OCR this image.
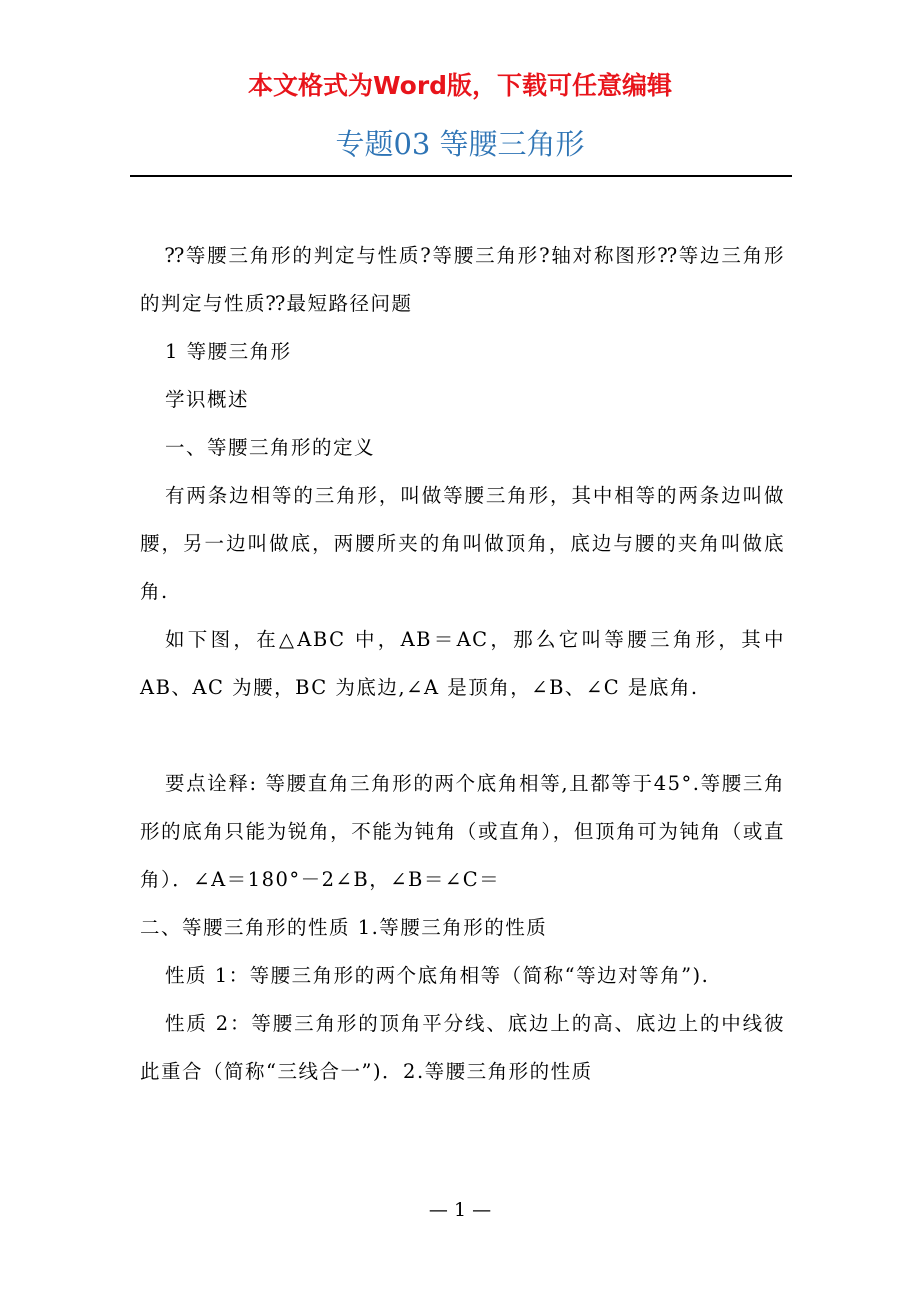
本文格式为Word版，下载可任意编辑
专题03 等腰三角形

⁇等腰三角形的判定与性质?等腰三角形?轴对称图形⁇等边三角形的判定与性质⁇最短路径问题

1 等腰三角形

学识概述

一、等腰三角形的定义

有两条边相等的三角形，叫做等腰三角形，其中相等的两条边叫做腰，另一边叫做底，两腰所夹的角叫做顶角，底边与腰的夹角叫做底角.

如下图，在△ABC 中，AB＝AC，那么它叫等腰三角形，其中 AB、AC 为腰，BC 为底边,∠A 是顶角，∠B、∠C 是底角.

要点诠释: 等腰直角三角形的两个底角相等,且都等于45°.等腰三角形的底角只能为锐角，不能为钝角（或直角），但顶角可为钝角（或直角）．∠A＝180°－2∠B，∠B＝∠C＝

二、等腰三角形的性质 1.等腰三角形的性质

性质 1：等腰三角形的两个底角相等（简称“等边对等角”).

性质 2：等腰三角形的顶角平分线、底边上的高、底边上的中线彼此重合（简称“三线合一”)．2.等腰三角形的性质

— 1 —
